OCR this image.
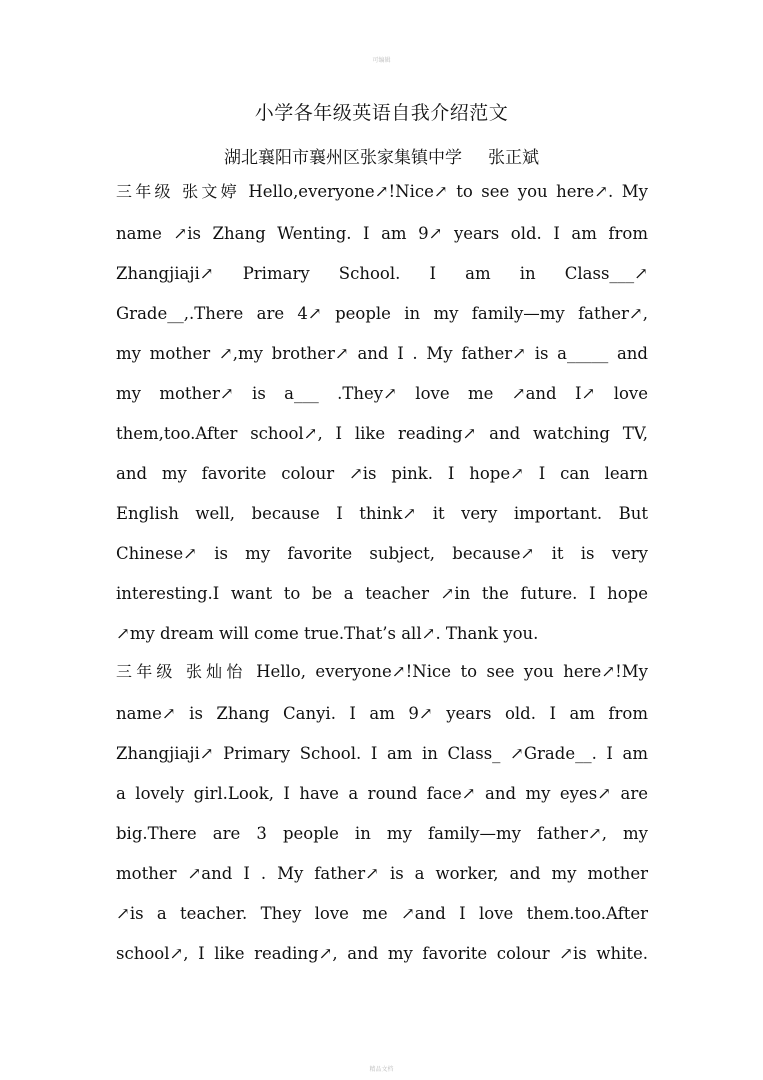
可编辑
小学各年级英语自我介绍范文
湖北襄阳市襄州区张家集镇中学 张正斌
三年级 张文婷 Hello,everyone↗!Nice↗ to see you here↗. My
name ↗is Zhang Wenting. I am 9↗ years old. I am from
Zhangjiaji↗ Primary School. I am in Class___↗
Grade__,.There are 4↗ people in my family—my father↗,
my mother ↗,my brother↗ and I . My father↗ is a_____ and
my mother↗ is a___ .They↗ love me ↗and I↗ love
them,too.After school↗, I like reading↗ and watching TV,
and my favorite colour ↗is pink. I hope↗ I can learn
English well, because I think↗ it very important. But
Chinese↗ is my favorite subject, because↗ it is very
interesting.I want to be a teacher ↗in the future. I hope
↗my dream will come true.That’s all↗. Thank you.
三年级 张灿怡 Hello, everyone↗!Nice to see you here↗!My
name↗ is Zhang Canyi. I am 9↗ years old. I am from
Zhangjiaji↗ Primary School. I am in Class_ ↗Grade__. I am
a lovely girl.Look, I have a round face↗ and my eyes↗ are
big.There are 3 people in my family—my father↗, my
mother ↗and I . My father↗ is a worker, and my mother
↗is a teacher. They love me ↗and I love them.too.After
school↗, I like reading↗, and my favorite colour ↗is white.
精品文档
